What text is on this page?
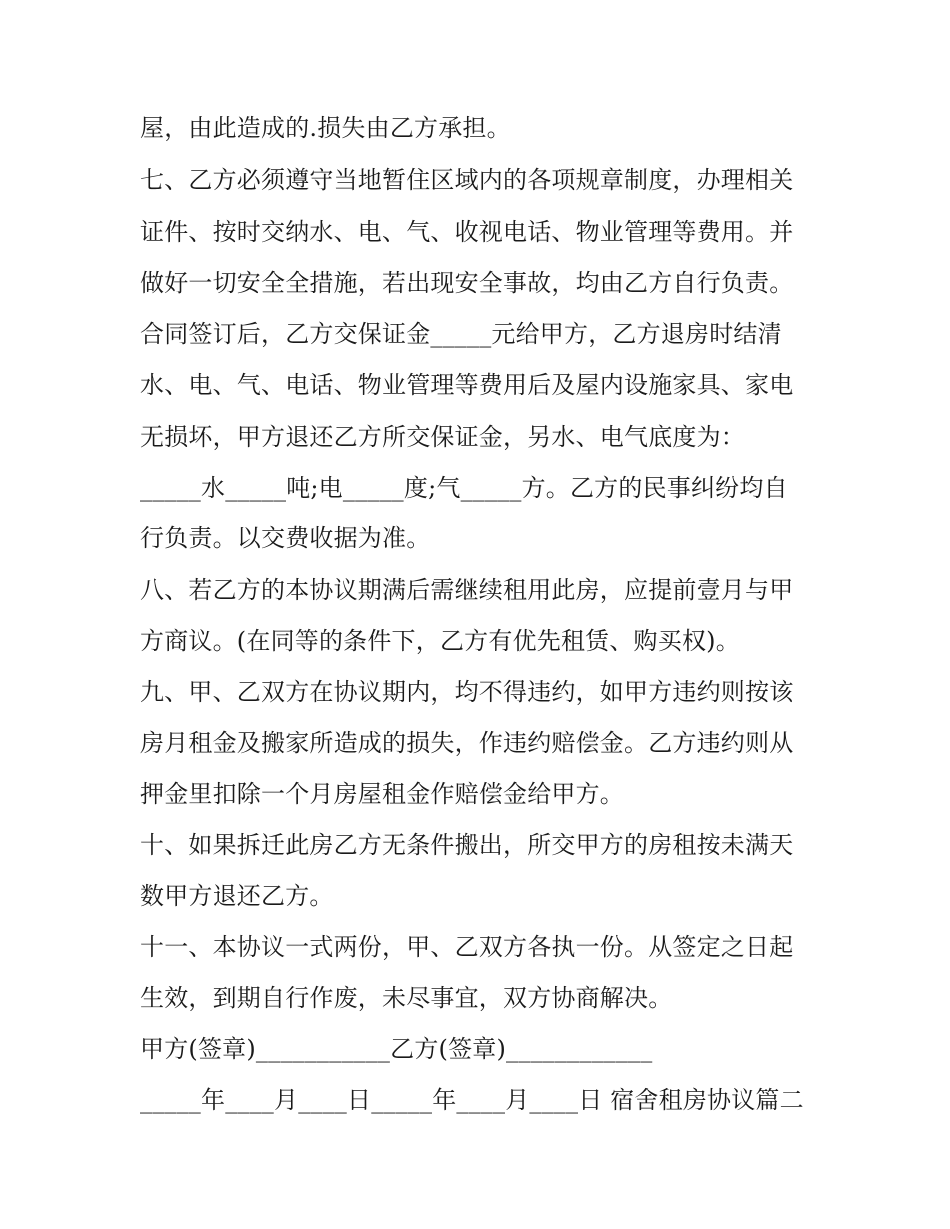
屋，由此造成的.损失由乙方承担。
七、乙方必须遵守当地暂住区域内的各项规章制度，办理相关
证件、按时交纳水、电、气、收视电话、物业管理等费用。并
做好一切安全全措施，若出现安全事故，均由乙方自行负责。
合同签订后，乙方交保证金_____元给甲方，乙方退房时结清
水、电、气、电话、物业管理等费用后及屋内设施家具、家电
无损坏，甲方退还乙方所交保证金，另水、电气底度为：
_____水_____吨;电_____度;气_____方。乙方的民事纠纷均自
行负责。以交费收据为准。
八、若乙方的本协议期满后需继续租用此房，应提前壹月与甲
方商议。(在同等的条件下，乙方有优先租赁、购买权)。
九、甲、乙双方在协议期内，均不得违约，如甲方违约则按该
房月租金及搬家所造成的损失，作违约赔偿金。乙方违约则从
押金里扣除一个月房屋租金作赔偿金给甲方。
十、如果拆迁此房乙方无条件搬出，所交甲方的房租按未满天
数甲方退还乙方。
十一、本协议一式两份，甲、乙双方各执一份。从签定之日起
生效，到期自行作废，未尽事宜，双方协商解决。
甲方(签章)___________乙方(签章)____________
_____年____月____日_____年____月____日 宿舍租房协议篇二
